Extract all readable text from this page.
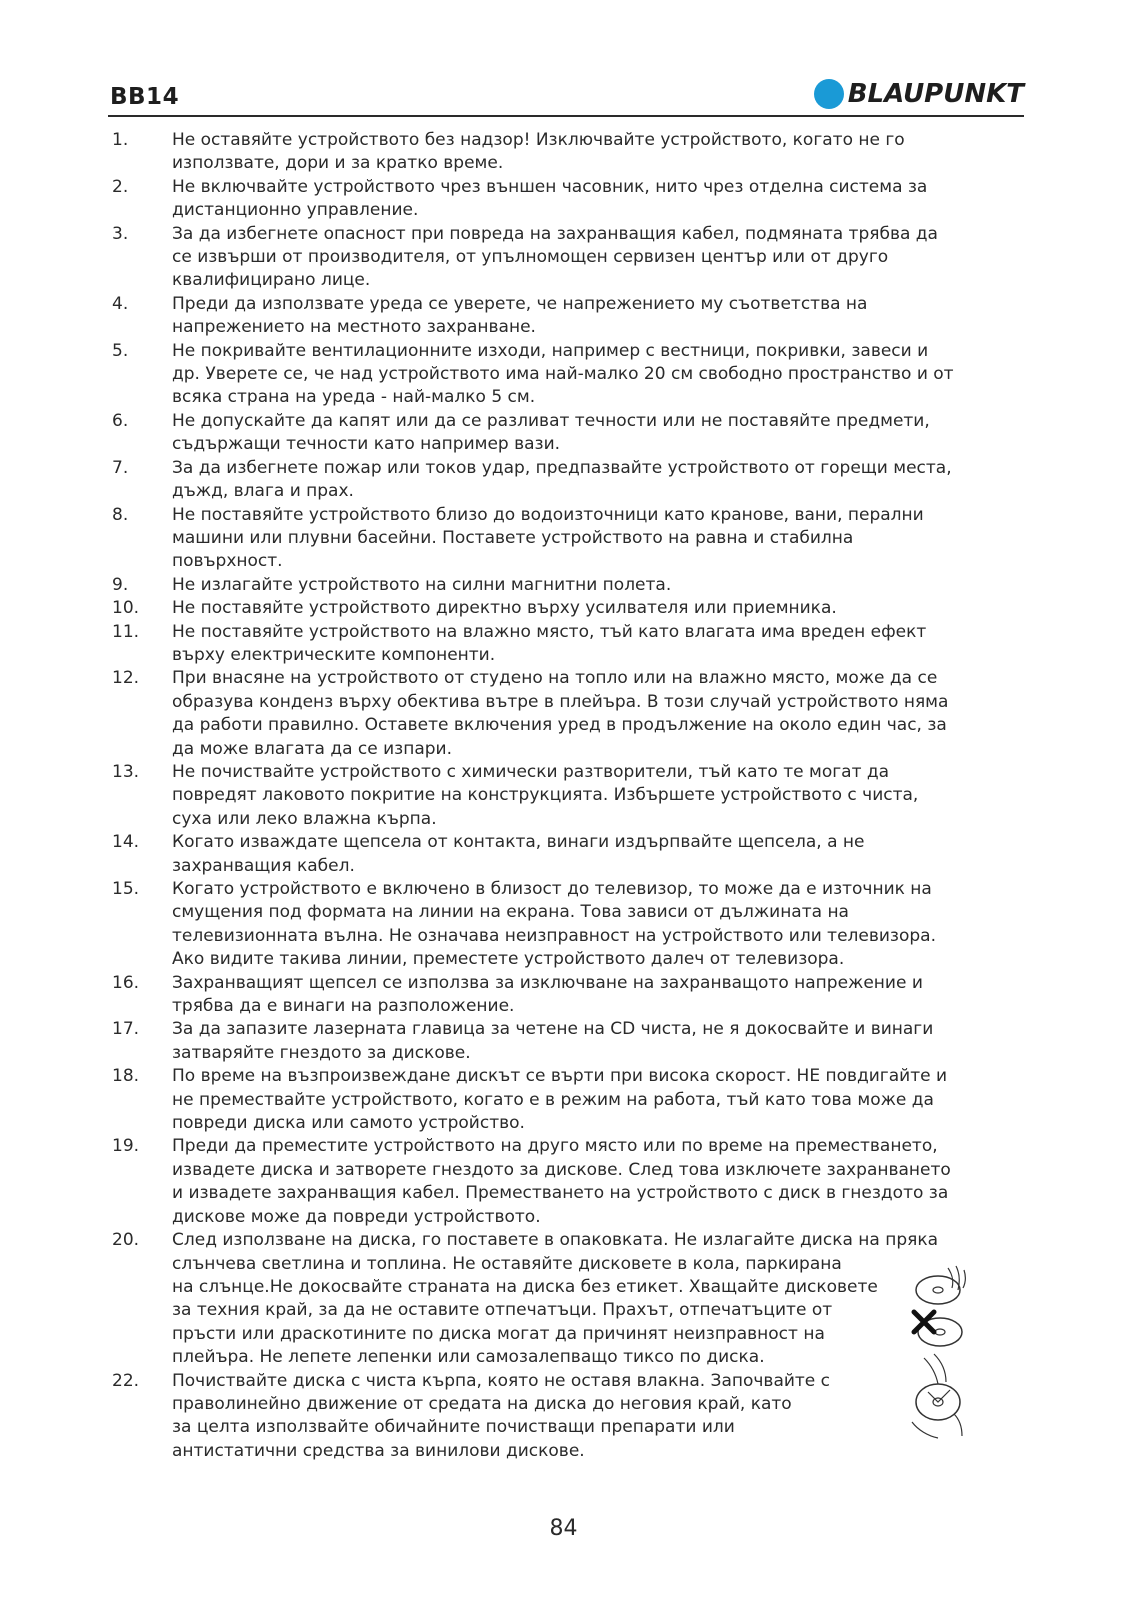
BB14	BLAUPUNKT
1.	Не оставяйте устройството без надзор! Изключвайте устройството, когато не го
използвате, дори и за кратко време.
2.	Не включвайте устройството чрез външен часовник, нито чрез отделна система за
дистанционно управление.
3.	За да избегнете опасност при повреда на захранващия кабел, подмяната трябва да
се извърши от производителя, от упълномощен сервизен център или от друго
квалифицирано лице.
4.	Преди да използвате уреда се уверете, че напрежението му съответства на
напрежението на местното захранване.
5.	Не покривайте вентилационните изходи, например с вестници, покривки, завеси и
др. Уверете се, че над устройството има най-малко 20 см свободно пространство и от
всяка страна на уреда - най-малко 5 см.
6.	Не допускайте да капят или да се разливат течности или не поставяйте предмети,
съдържащи течности като например вази.
7.	За да избегнете пожар или токов удар, предпазвайте устройството от горещи места,
дъжд, влага и прах.
8.	Не поставяйте устройството близо до водоизточници като кранове, вани, перални
машини или плувни басейни. Поставете устройството на равна и стабилна
повърхност.
9.	Не излагайте устройството на силни магнитни полета.
10.	Не поставяйте устройството директно върху усилвателя или приемника.
11.	Не поставяйте устройството на влажно място, тъй като влагата има вреден ефект
върху електрическите компоненти.
12.	При внасяне на устройството от студено на топло или на влажно място, може да се
образува конденз върху обектива вътре в плейъра. В този случай устройството няма
да работи правилно. Оставете включения уред в продължение на около един час, за
да може влагата да се изпари.
13.	Не почиствайте устройството с химически разтворители, тъй като те могат да
повредят лаковото покритие на конструкцията. Избършете устройството с чиста,
суха или леко влажна кърпа.
14.	Когато изваждате щепсела от контакта, винаги издърпвайте щепсела, а не
захранващия кабел.
15.	Когато устройството е включено в близост до телевизор, то може да е източник на
смущения под формата на линии на екрана. Това зависи от дължината на
телевизионната вълна. Не означава неизправност на устройството или телевизора.
Ако видите такива линии, преместете устройството далеч от телевизора.
16.	Захранващият щепсел се използва за изключване на захранващото напрежение и
трябва да е винаги на разположение.
17.	За да запазите лазерната главица за четене на CD чиста, не я докосвайте и винаги
затваряйте гнездото за дискове.
18.	По време на възпроизвеждане дискът се върти при висока скорост. НЕ повдигайте и
не премествайте устройството, когато е в режим на работа, тъй като това може да
повреди диска или самото устройство.
19.	Преди да преместите устройството на друго място или по време на преместването,
извадете диска и затворете гнездото за дискове. След това изключете захранването
и извадете захранващия кабел. Преместването на устройството с диск в гнездото за
дискове може да повреди устройството.
20.	След използване на диска, го поставете в опаковката. Не излагайте диска на пряка
слънчева светлина и топлина. Не оставяйте дисковете в кола, паркирана
на слънце.Не докосвайте страната на диска без етикет. Хващайте дисковете
за техния край, за да не оставите отпечатъци. Прахът, отпечатъците от
пръсти или драскотините по диска могат да причинят неизправност на
плейъра. Не лепете лепенки или самозалепващо тиксо по диска.
22.	Почиствайте диска с чиста кърпа, която не оставя влакна. Започвайте с
праволинейно движение от средата на диска до неговия край, като
за целта използвайте обичайните почистващи препарати или
антистатични средства за винилови дискове.
84
